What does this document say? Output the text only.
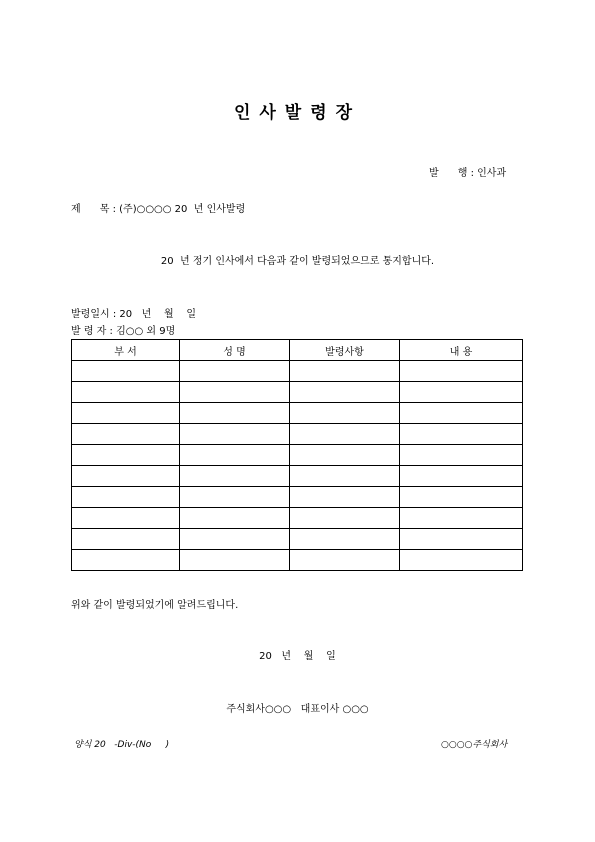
인사발령장
발      행 : 인사과
제      목 : (주)○○○○ 20  년 인사발령
20  년 정기 인사에서 다음과 같이 발령되었으므로 통지합니다.
발령일시 : 20   년    월    일
발 령 자 : 김○○ 외 9명
부 서	성 명	발령사항	내 용

위와 같이 발령되었기에 알려드립니다.
20   년    월    일
주식회사○○○   대표이사 ○○○
양식 20   -Div-(No     )	○○○○주식회사
